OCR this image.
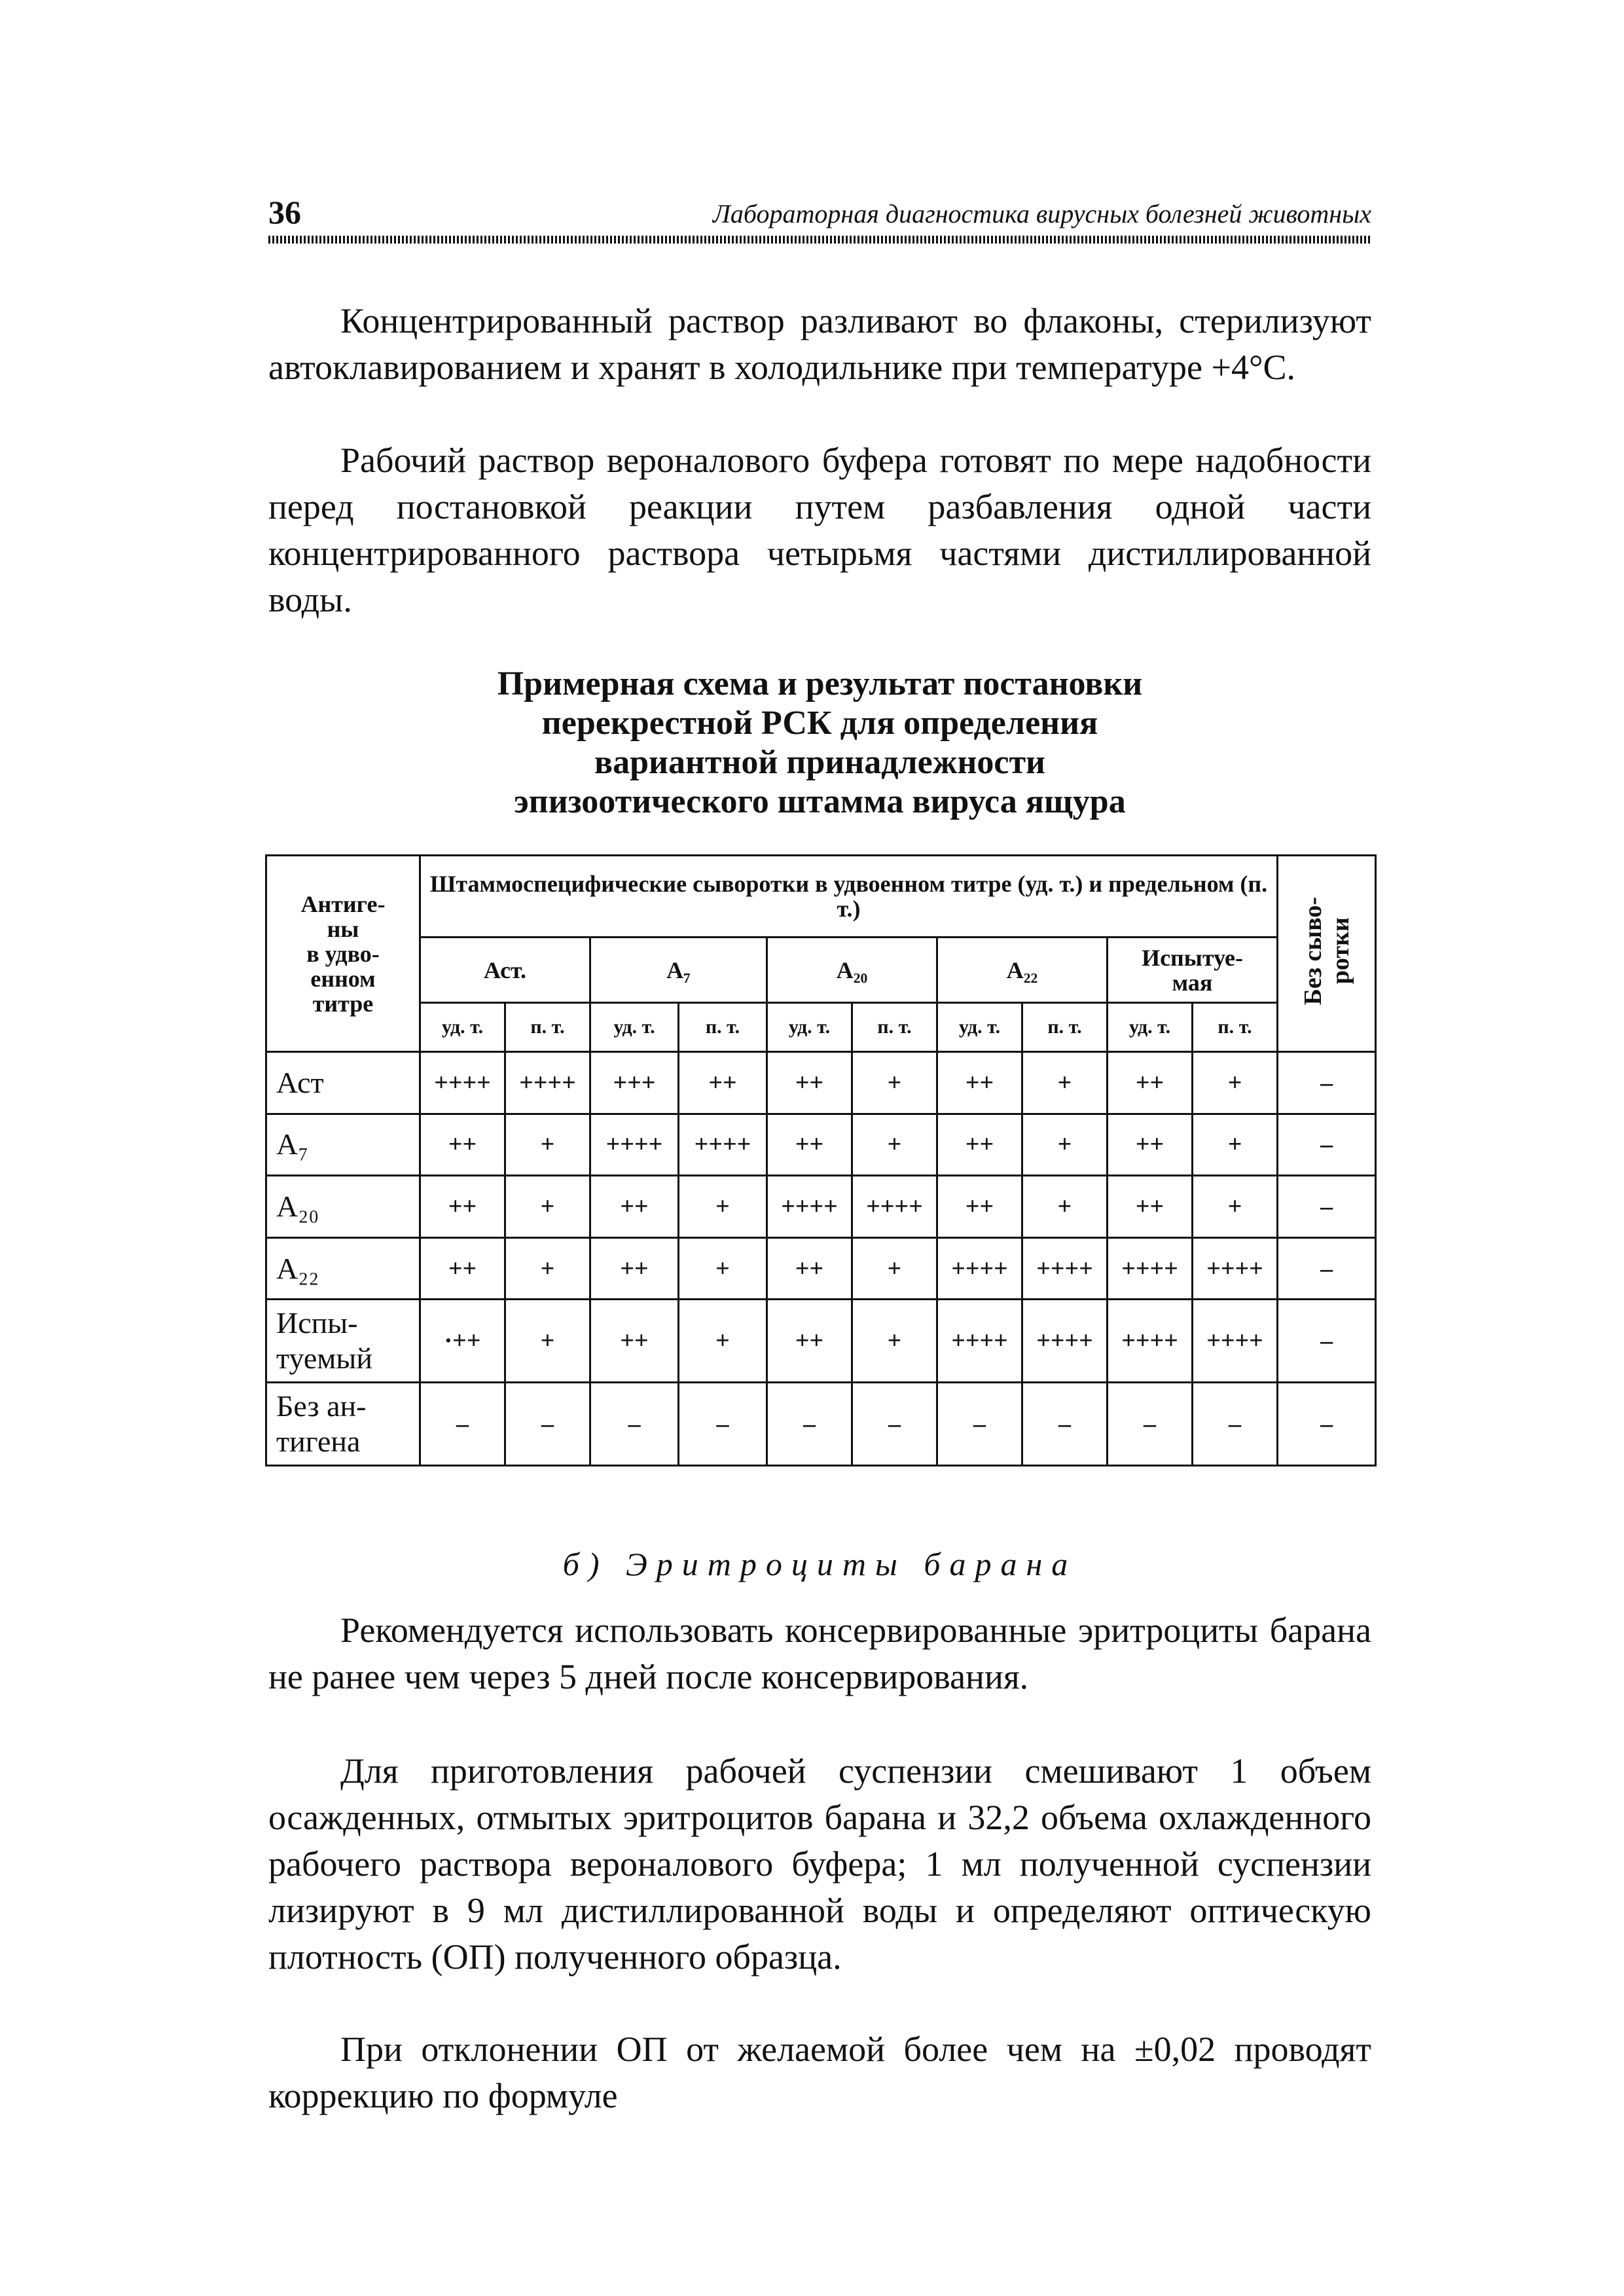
36	Лабораторная диагностика вирусных болезней животных

Концентрированный раствор разливают во флаконы, стерилизуют автоклавированием и хранят в холодильнике при температуре +4°С.

Рабочий раствор вероналового буфера готовят по мере надобности перед постановкой реакции путем разбавления одной части концентрированного раствора четырьмя частями дистиллированной воды.

Примерная схема и результат постановки
перекрестной РСК для определения
вариантной принадлежности
эпизоотического штамма вируса ящура
Антиге-
ны
в удво-
енном
титре	Штаммоспецифические сыворотки в удвоенном титре (уд. т.) и предельном (п. т.)										Без сыво-
ротки
	Аст.		А₇		А₂₀		А₂₂		Испытуе-
мая		
	уд. т.	п. т.	уд. т.	п. т.	уд. т.	п. т.	уд. т.	п. т.	уд. т.	п. т.	
Аст	++++	++++	+++	++	++	+	++	+	++	+	–
А₇	++	+	++++	++++	++	+	++	+	++	+	–
А₂₀	++	+	++	+	++++	++++	++	+	++	+	–
А₂₂	++	+	++	+	++	+	++++	++++	++++	++++	–
Испы-
туемый	·++	+	++	+	++	+	++++	++++	++++	++++	–
Без ан-
тигена	–	–	–	–	–	–	–	–	–	–	–
б) Эритроциты барана

Рекомендуется использовать консервированные эритроциты барана не ранее чем через 5 дней после консервирования.

Для приготовления рабочей суспензии смешивают 1 объем осажденных, отмытых эритроцитов барана и 32,2 объема охлажденного рабочего раствора вероналового буфера; 1 мл полученной суспензии лизируют в 9 мл дистиллированной воды и определяют оптическую плотность (ОП) полученного образца.

При отклонении ОП от желаемой более чем на ±0,02 проводят коррекцию по формуле
